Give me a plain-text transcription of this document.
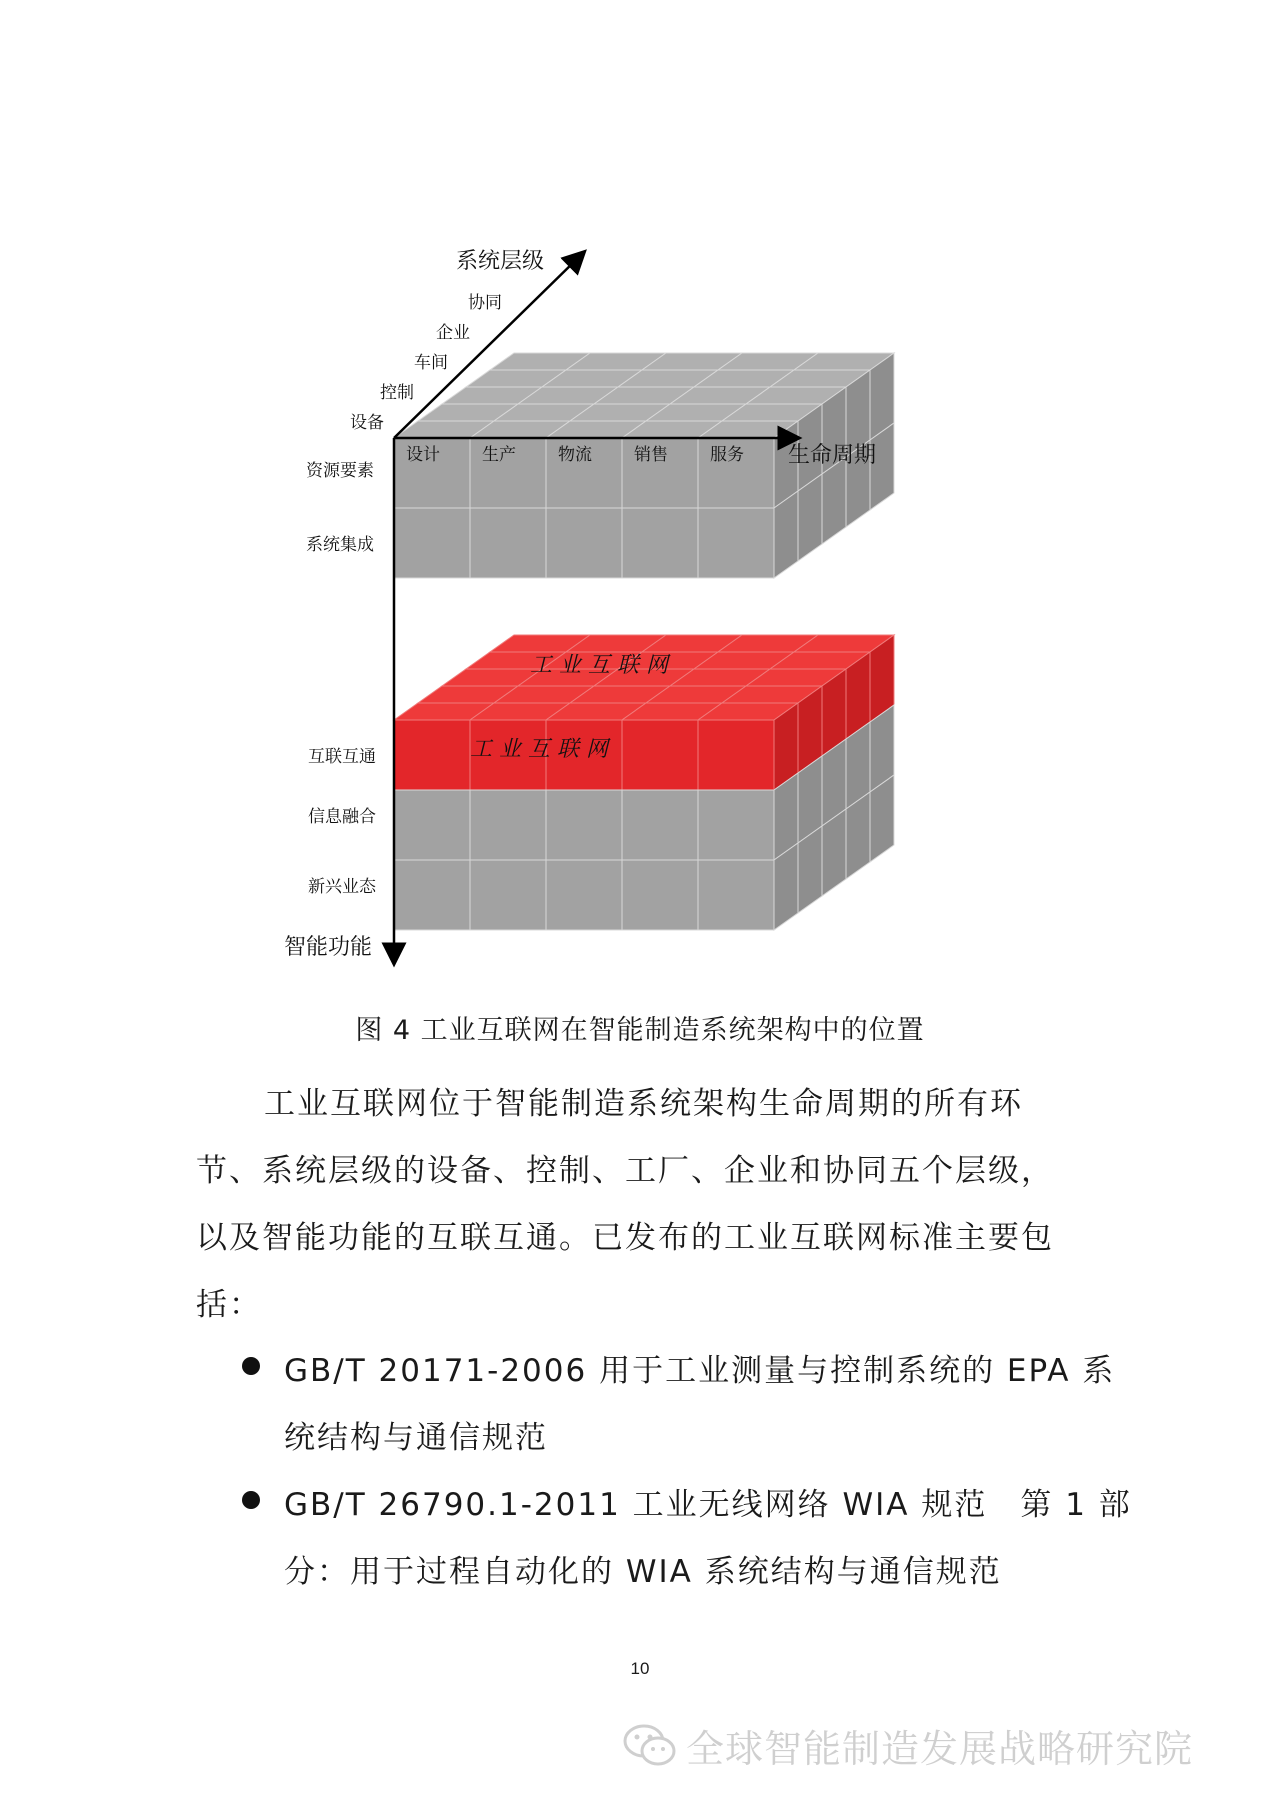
工 业 互 联 网
工 业 互 联 网
系统层级
生命周期
智能功能
设备
控制
车间
企业
协同
设计 生产 物流 销售 服务
资源要素
系统集成
互联互通
信息融合
新兴业态
图 4 工业互联网在智能制造系统架构中的位置
工业互联网位于智能制造系统架构生命周期的所有环
节、系统层级的设备、控制、工厂、企业和协同五个层级，
以及智能功能的互联互通。已发布的工业互联网标准主要包
括：
GB/T 20171-2006 用于工业测量与控制系统的 EPA 系
统结构与通信规范
GB/T 26790.1-2011 工业无线网络 WIA 规范　第 1 部
分：用于过程自动化的 WIA 系统结构与通信规范
10
全球智能制造发展战略研究院
